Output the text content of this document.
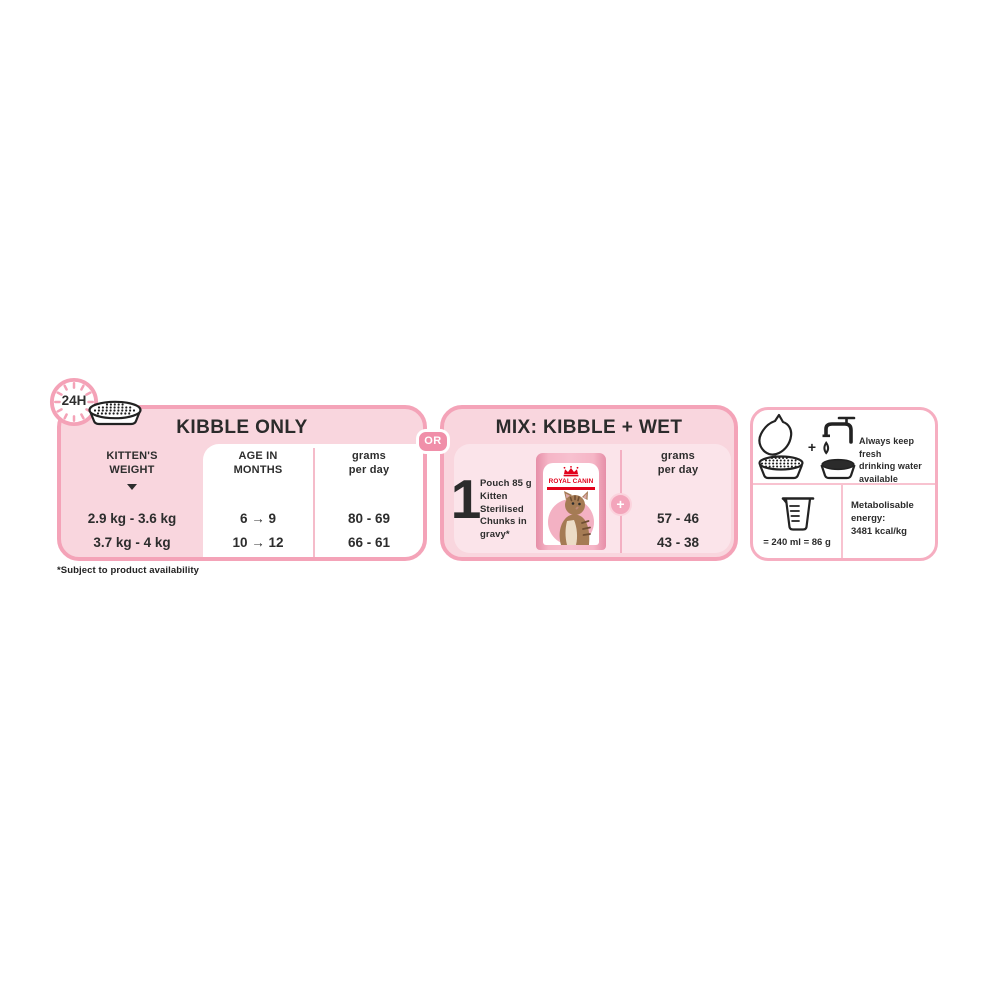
KIBBLE ONLY
KITTEN'S
WEIGHT
2.9 kg - 3.6 kg
3.7 kg - 4 kg
AGE IN
MONTHS
6 → 9
10 → 12
grams
per day
80 - 69
66 - 61
MIX: KIBBLE + WET
1
Pouch 85 g
Kitten
Sterilised
Chunks in
gravy*
ROYAL CANIN
+
grams
per day
57 - 46
43 - 38
+	Always keep fresh
drinking water
available
= 240 ml = 86 g
Metabolisable
energy:
3481 kcal/kg
OR
24H
*Subject to product availability
